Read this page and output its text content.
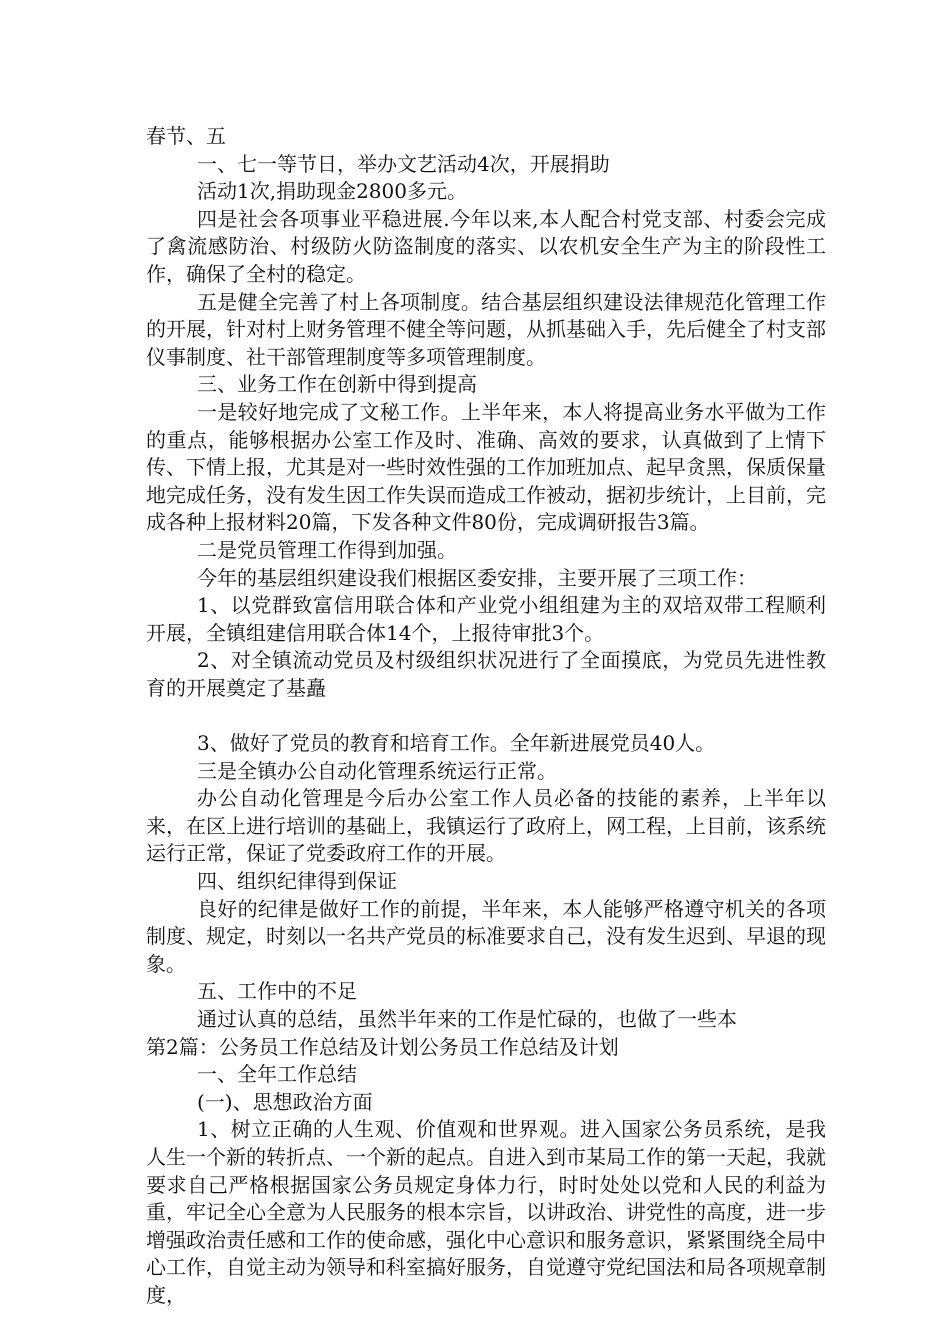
春节、五

一、七一等节日，举办文艺活动4次，开展捐助

活动1次,捐助现金2800多元。

四是社会各项事业平稳进展.今年以来,本人配合村党支部、村委会完成了禽流感防治、村级防火防盗制度的落实、以农机安全生产为主的阶段性工作，确保了全村的稳定。

五是健全完善了村上各项制度。结合基层组织建设法律规范化管理工作的开展，针对村上财务管理不健全等问题，从抓基础入手，先后健全了村支部仪事制度、社干部管理制度等多项管理制度。

三、业务工作在创新中得到提高

一是较好地完成了文秘工作。上半年来，本人将提高业务水平做为工作的重点，能够根据办公室工作及时、准确、高效的要求，认真做到了上情下传、下情上报，尤其是对一些时效性强的工作加班加点、起早贪黑，保质保量地完成任务，没有发生因工作失误而造成工作被动，据初步统计，上目前，完成各种上报材料20篇，下发各种文件80份，完成调研报告3篇。

二是党员管理工作得到加强。

今年的基层组织建设我们根据区委安排，主要开展了三项工作：

1、以党群致富信用联合体和产业党小组组建为主的双培双带工程顺利开展，全镇组建信用联合体14个，上报待审批3个。

2、对全镇流动党员及村级组织状况进行了全面摸底，为党员先进性教育的开展奠定了基矗

3、做好了党员的教育和培育工作。全年新进展党员40人。

三是全镇办公自动化管理系统运行正常。

办公自动化管理是今后办公室工作人员必备的技能的素养，上半年以来，在区上进行培训的基础上，我镇运行了政府上，网工程，上目前，该系统运行正常，保证了党委政府工作的开展。

四、组织纪律得到保证

良好的纪律是做好工作的前提，半年来，本人能够严格遵守机关的各项制度、规定，时刻以一名共产党员的标准要求自己，没有发生迟到、早退的现象。

五、工作中的不足

通过认真的总结，虽然半年来的工作是忙碌的，也做了一些本

第2篇：公务员工作总结及计划公务员工作总结及计划

一、全年工作总结

(一)、思想政治方面

1、树立正确的人生观、价值观和世界观。进入国家公务员系统，是我人生一个新的转折点、一个新的起点。自进入到市某局工作的第一天起，我就要求自己严格根据国家公务员规定身体力行，时时处处以党和人民的利益为重，牢记全心全意为人民服务的根本宗旨，以讲政治、讲党性的高度，进一步增强政治责任感和工作的使命感，强化中心意识和服务意识，紧紧围绕全局中心工作，自觉主动为领导和科室搞好服务，自觉遵守党纪国法和局各项规章制度，
